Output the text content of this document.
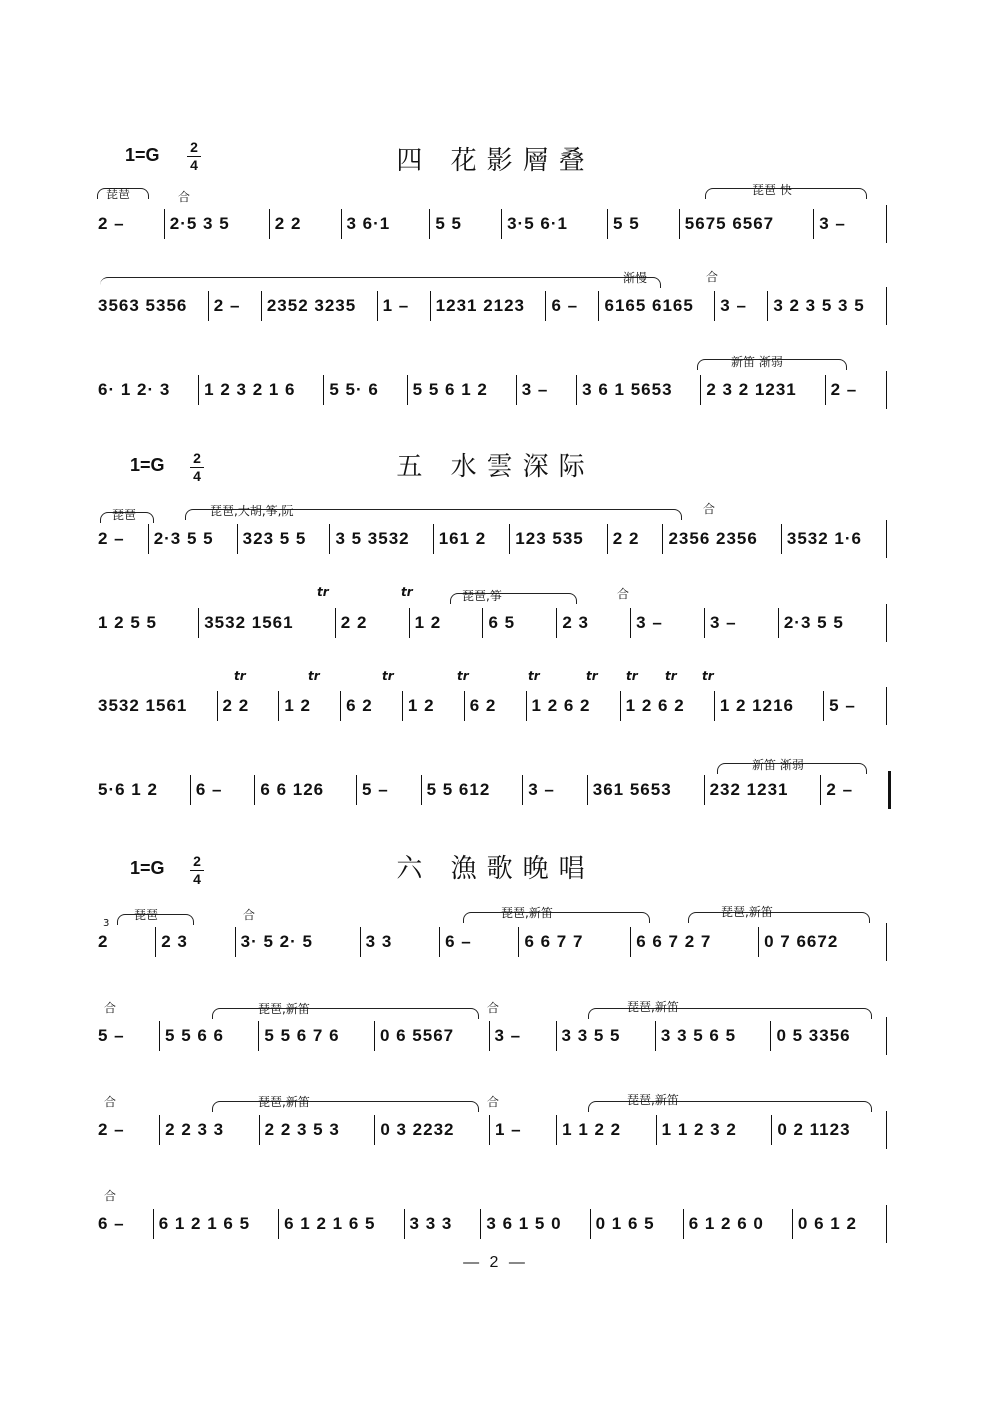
四 花影層叠
1=G 2
4
琵琶	合	琵琶 快
2 –	2·5 3 5	2 2	3 6·1	5 5	3·5 6·1	5 5	5675 6567	3 –
渐慢	合
3563 5356	2 –	2352 3235	1 –	1231 2123	6 –	6165 6165	3 –	3 2 3 5 3 5
新笛 渐弱
6· 1 2· 3	1 2 3 2 1 6	5 5· 6	5 5 6 1 2	3 –	3 6 1 5653	2 3 2 1231	2 –
五 水雲深际
1=G 2
4
琵琶	琵琶,大胡,筝,阮	合
2 –	2·3 5 5	323 5 5	3 5 3532	161 2	123 535	2 2	2356 2356	3532 1·6
tr	tr	琵琶,筝	合
1 2 5 5	3532 1561	2 2	1 2	6 5	2 3	3 –	3 –	2·3 5 5
tr	tr	tr	tr	tr	tr tr tr tr
3532 1561	2 2	1 2	6 2	1 2	6 2	1 2 6 2	1 2 6 2	1 2 1216	5 –
新笛 渐弱
5·6 1 2	6 –	6 6 126	5 –	5 5 612	3 –	361 5653	232 1231	2 –
六 漁歌晚唱
1=G 2
4
3
琵琶	合	琵琶,新笛	琵琶,新笛
2	2 3	3· 5 2· 5	3 3	6 –	6 6 7 7	6 6 7 2 7	0 7 6672
合	琵琶,新笛	合	琵琶,新笛
5 –	5 5 6 6	5 5 6 7 6	0 6 5567	3 –	3 3 5 5	3 3 5 6 5	0 5 3356
合	琵琶,新笛	合	琵琶,新笛
2 –	2 2 3 3	2 2 3 5 3	0 3 2232	1 –	1 1 2 2	1 1 2 3 2	0 2 1123
合
6 –	6 1 2 1 6 5	6 1 2 1 6 5	3 3 3	3 6 1 5 0	0 1 6 5	6 1 2 6 0	0 6 1 2
— 2 —
